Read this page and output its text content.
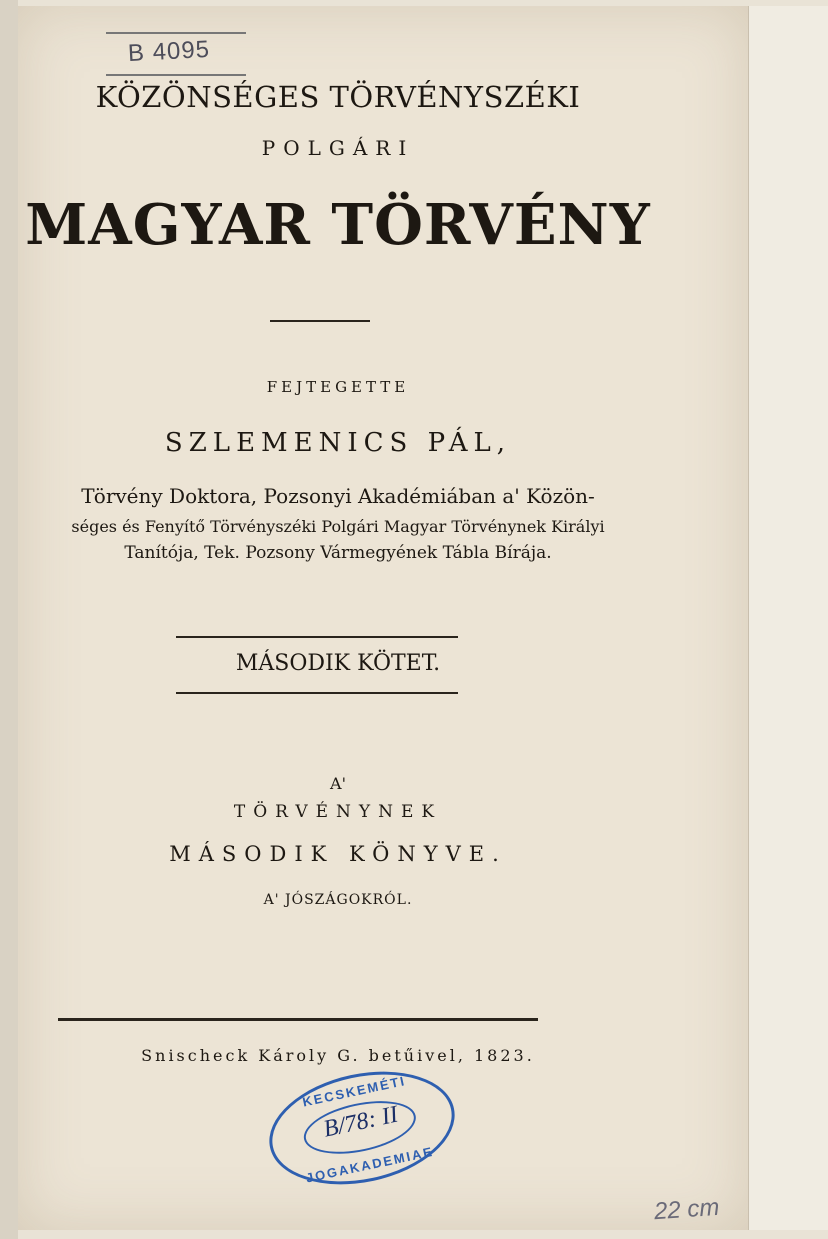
B 4095
KÖZÖNSÉGES TÖRVÉNYSZÉKI
POLGÁRI
MAGYAR TÖRVÉNY
FEJTEGETTE
SZLEMENICS PÁL,
Törvény Doktora, Pozsonyi Akadémiában a' Közön-
séges és Fenyítő Törvényszéki Polgári Magyar Törvénynek Királyi
Tanítója, Tek. Pozsony Vármegyének Tábla Bírája.
MÁSODIK KÖTET.
A'
TÖRVÉNYNEK
MÁSODIK KÖNYVE.
A' JÓSZÁGOKRÓL.
Snischeck Károly G. betűivel, 1823.
KECSKEMÉTI
B/78: II
JOGAKADEMIAE
22 cm
